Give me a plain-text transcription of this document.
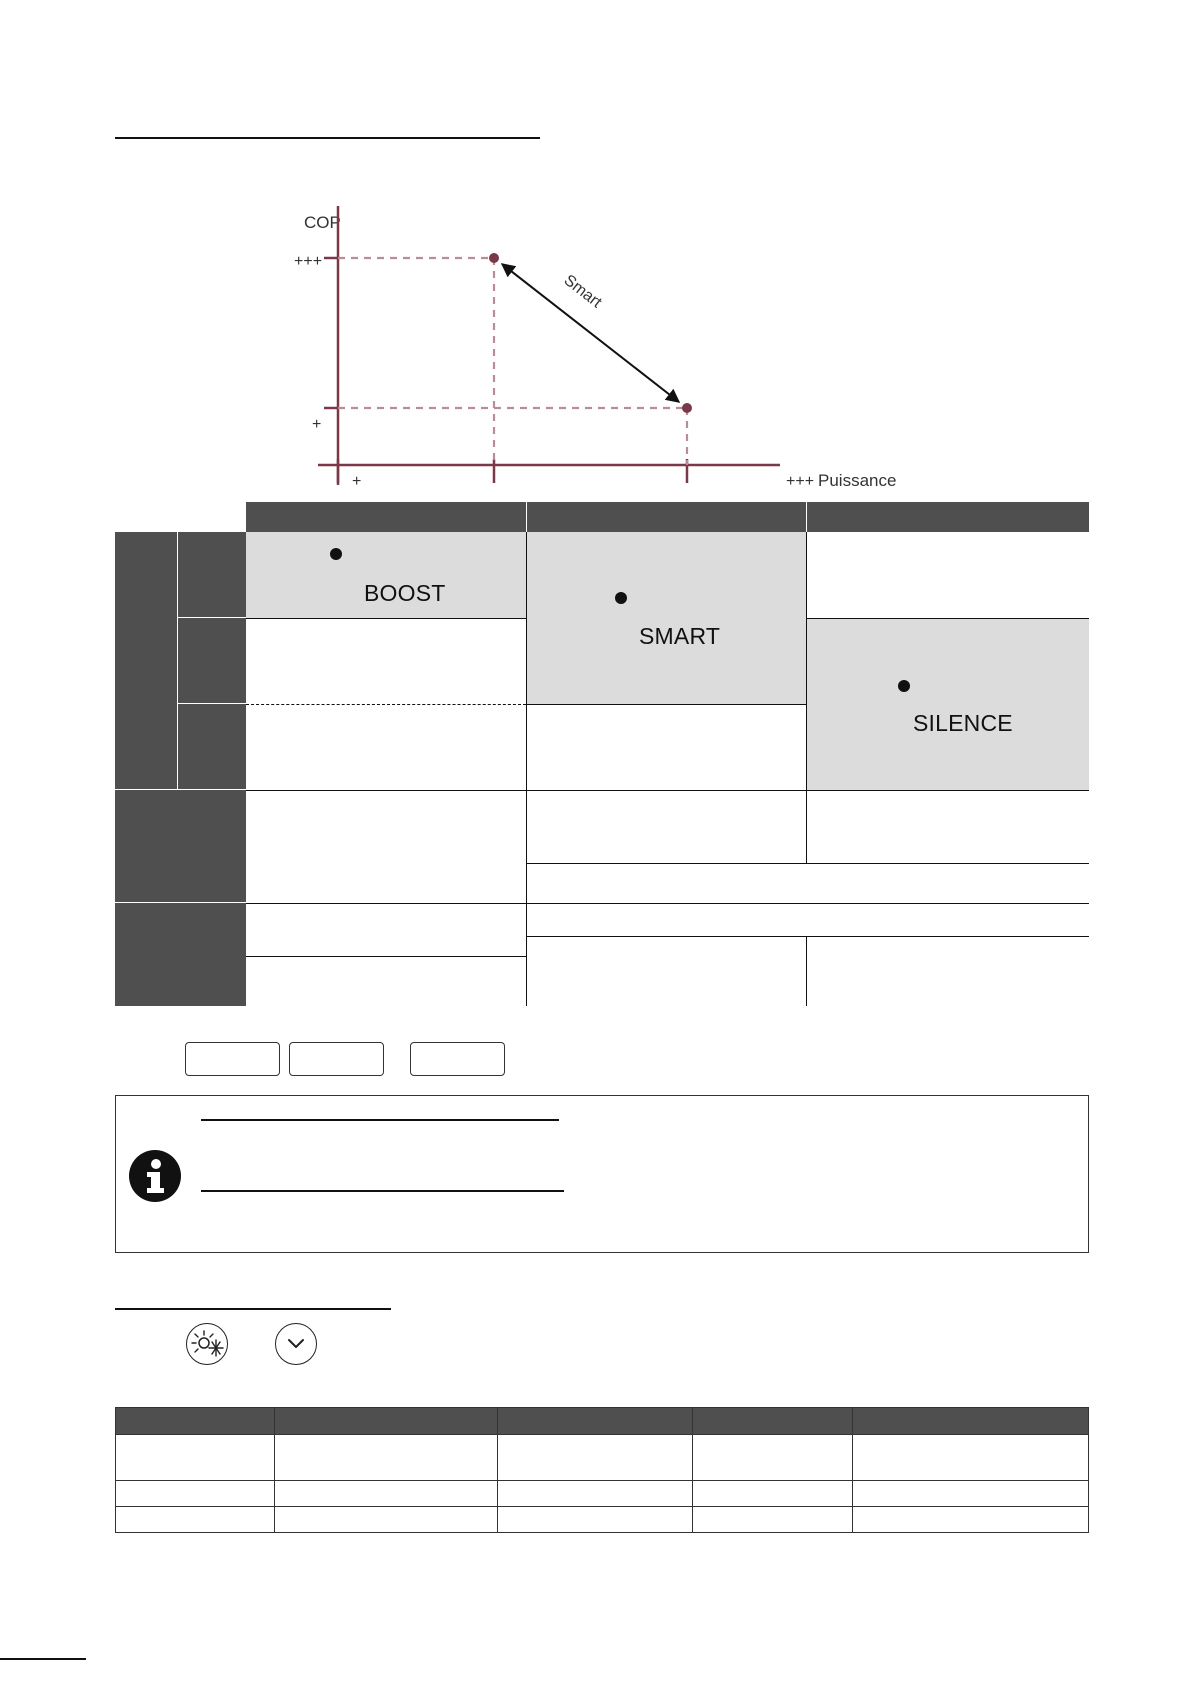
COP
Puissance
Smart
+++
+
+	+++
BOOST
SMART
SILENCE
